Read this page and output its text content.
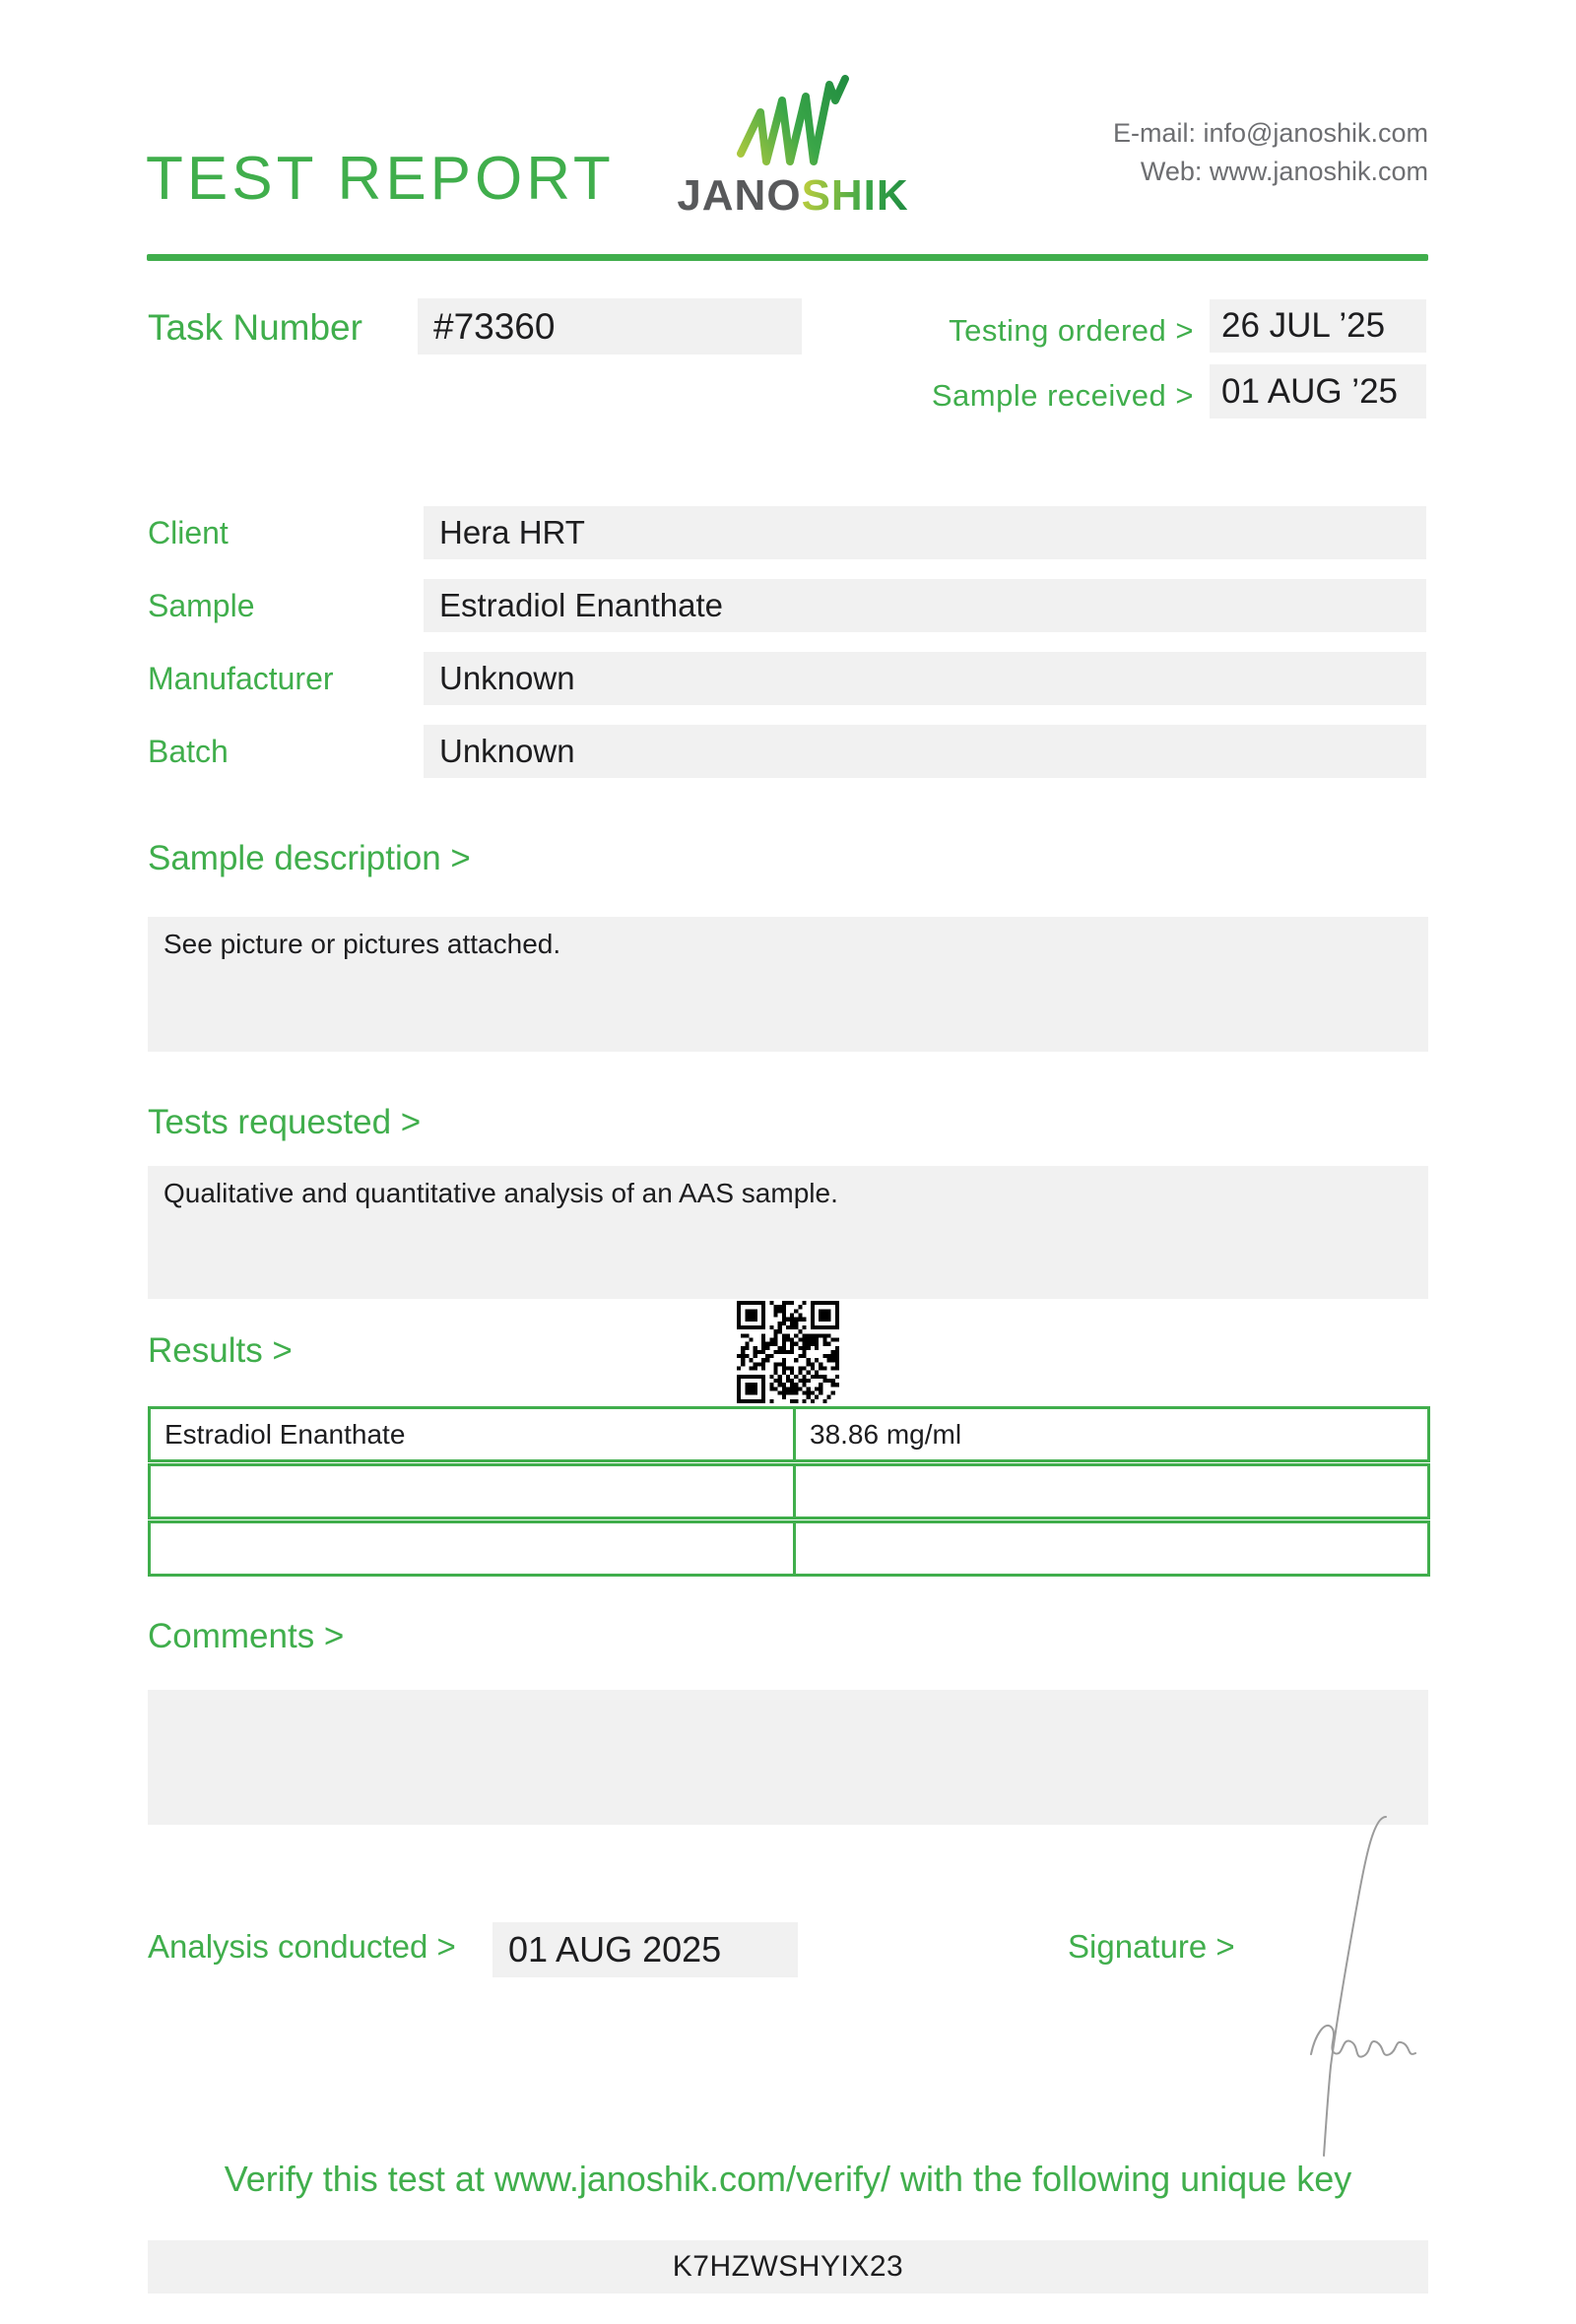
TEST REPORT	JANOSHIK
E-mail: info@janoshik.com
Web: www.janoshik.com
Task Number	#73360	Testing ordered > 26 JUL ’25
Sample received > 01 AUG ’25
Client	Hera HRT
Sample	Estradiol Enanthate
Manufacturer	Unknown
Batch	Unknown
Sample description >
See picture or pictures attached.
Tests requested >
Qualitative and quantitative analysis of an AAS sample.
Results >
Estradiol Enanthate	38.86 mg/ml
Comments >
Analysis conducted >	01 AUG 2025	Signature >
Verify this test at www.janoshik.com/verify/ with the following unique key
K7HZWSHYIX23
